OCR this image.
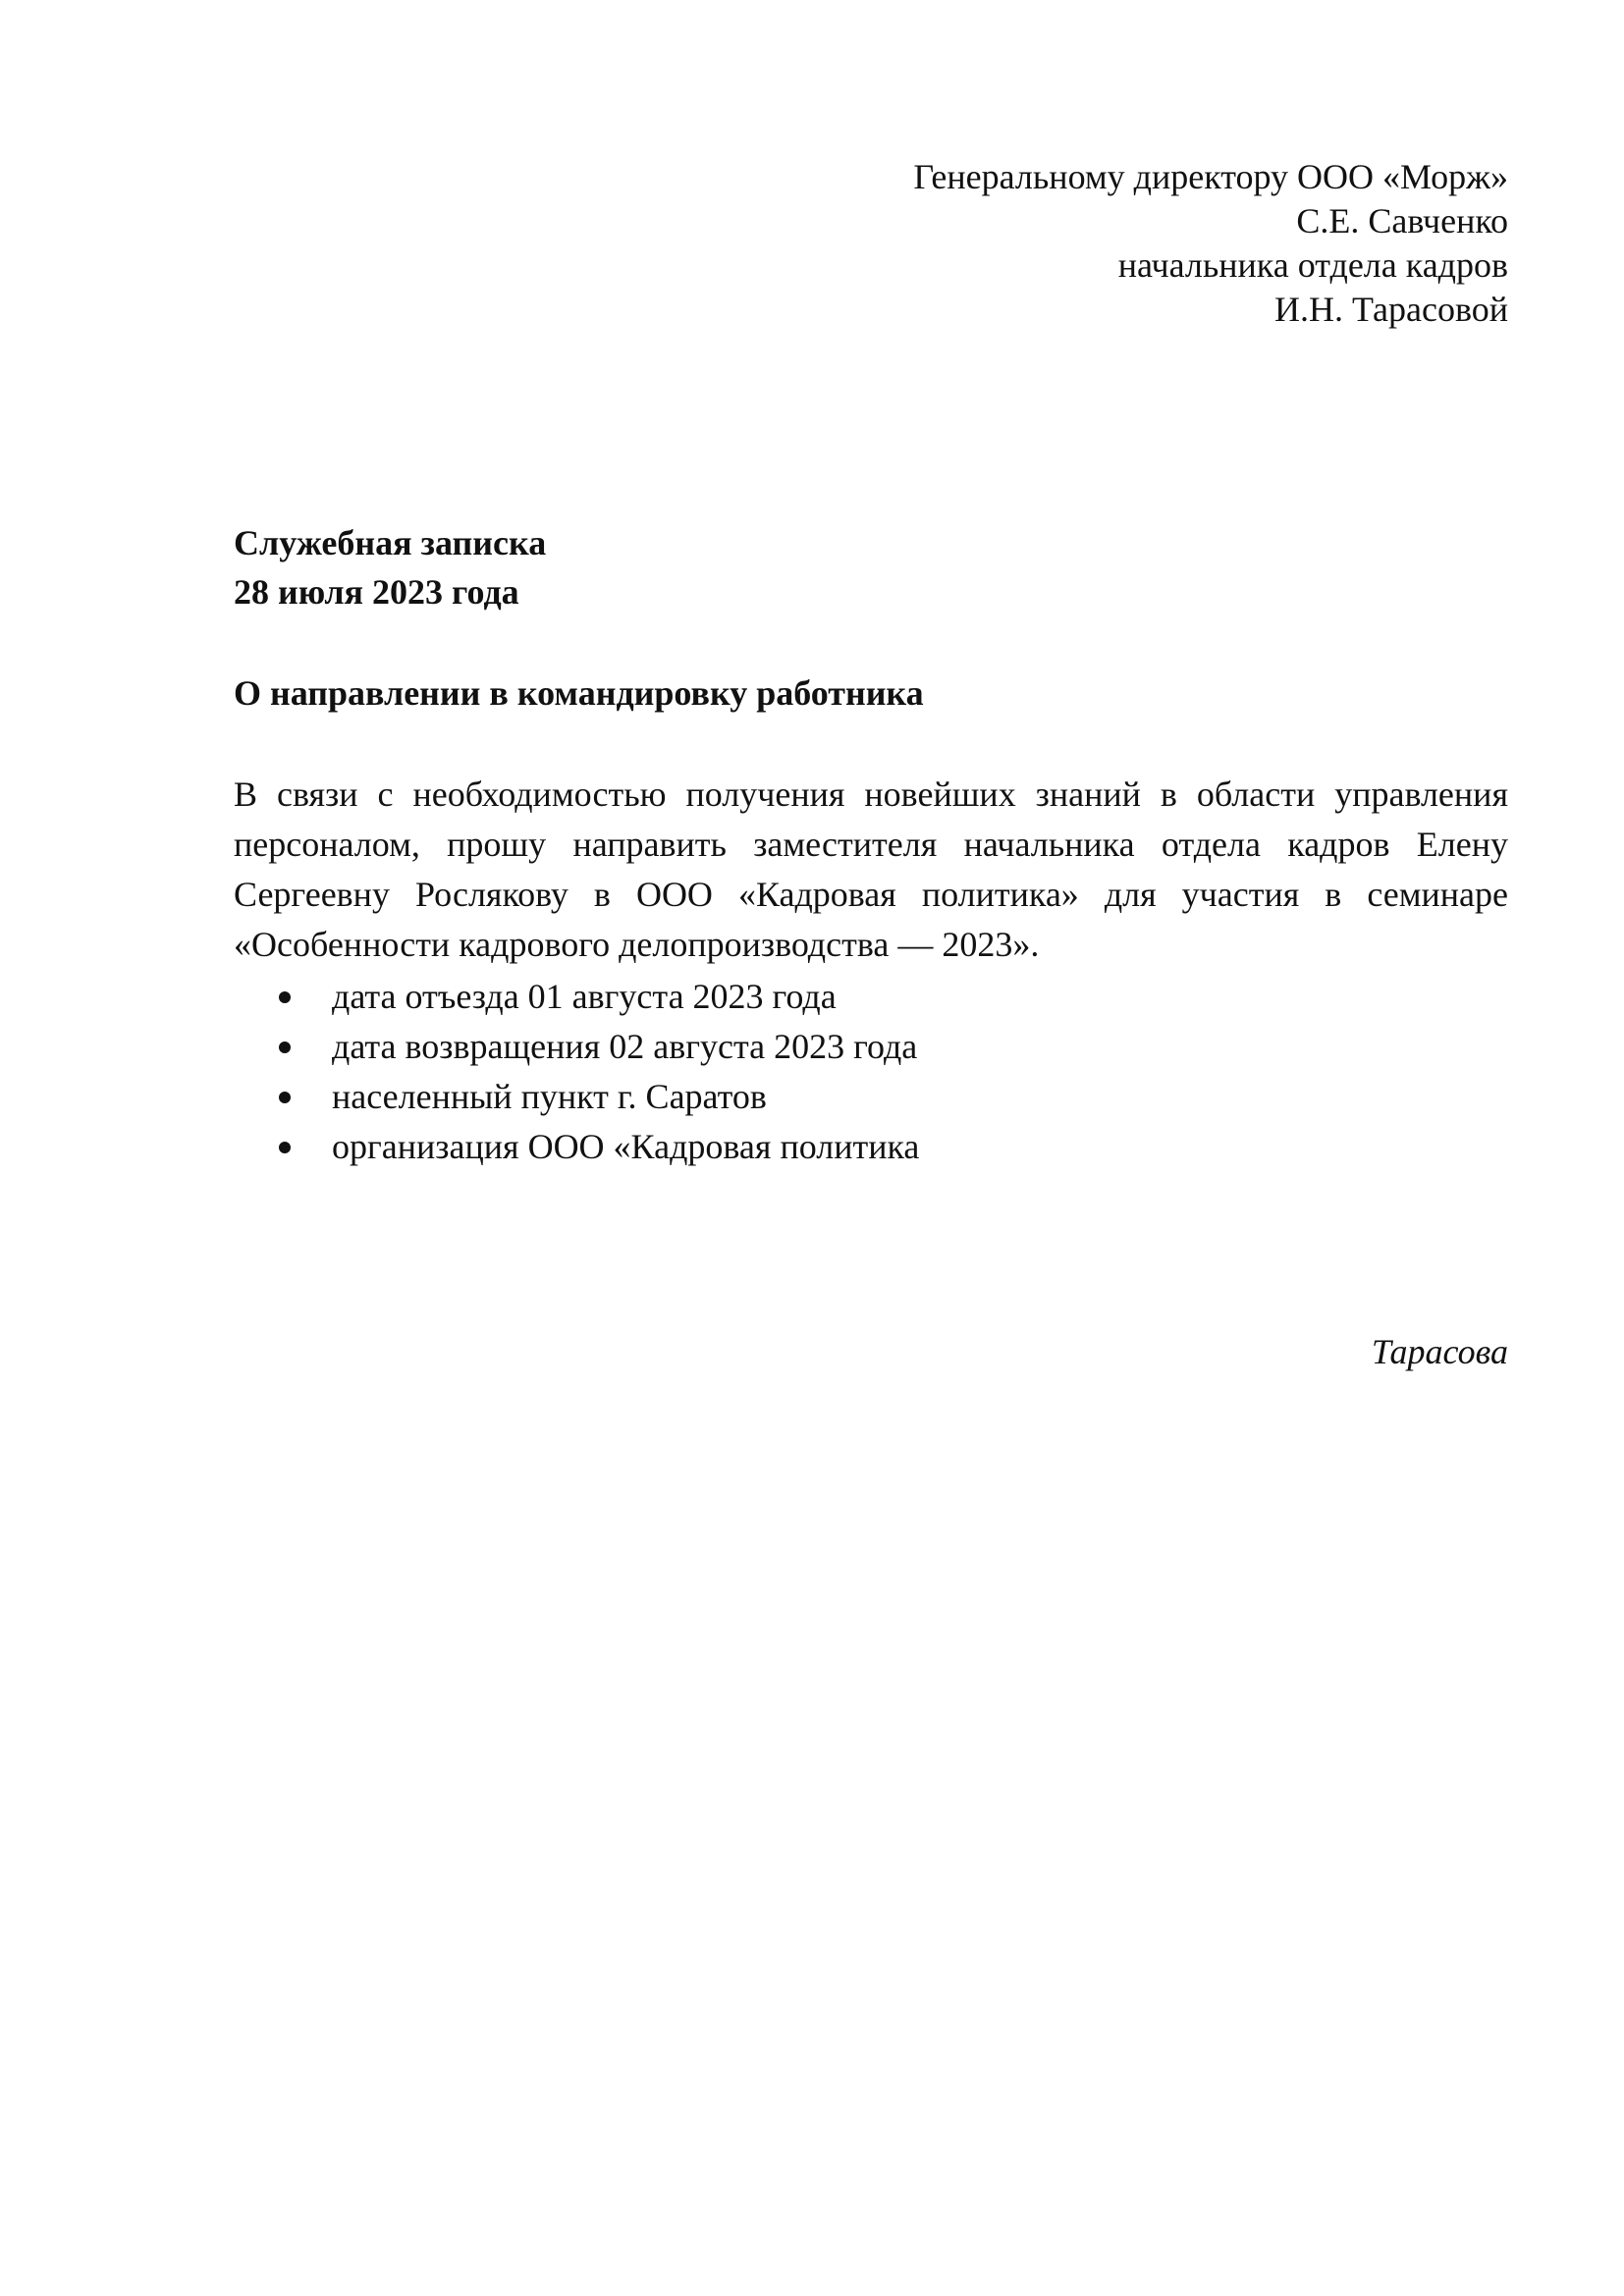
Генеральному директору ООО «Морж»
С.Е. Савченко
начальника отдела кадров
И.Н. Тарасовой
Служебная записка
28 июля 2023 года
О направлении в командировку работника
В связи с необходимостью получения новейших знаний в области управления персоналом, прошу направить заместителя начальника отдела кадров Елену Сергеевну Рослякову в ООО «Кадровая политика» для участия в семинаре «Особенности кадрового делопроизводства — 2023».
дата отъезда 01 августа 2023 года
дата возвращения 02 августа 2023 года
населенный пункт г. Саратов
организация ООО «Кадровая политика
Тарасова
